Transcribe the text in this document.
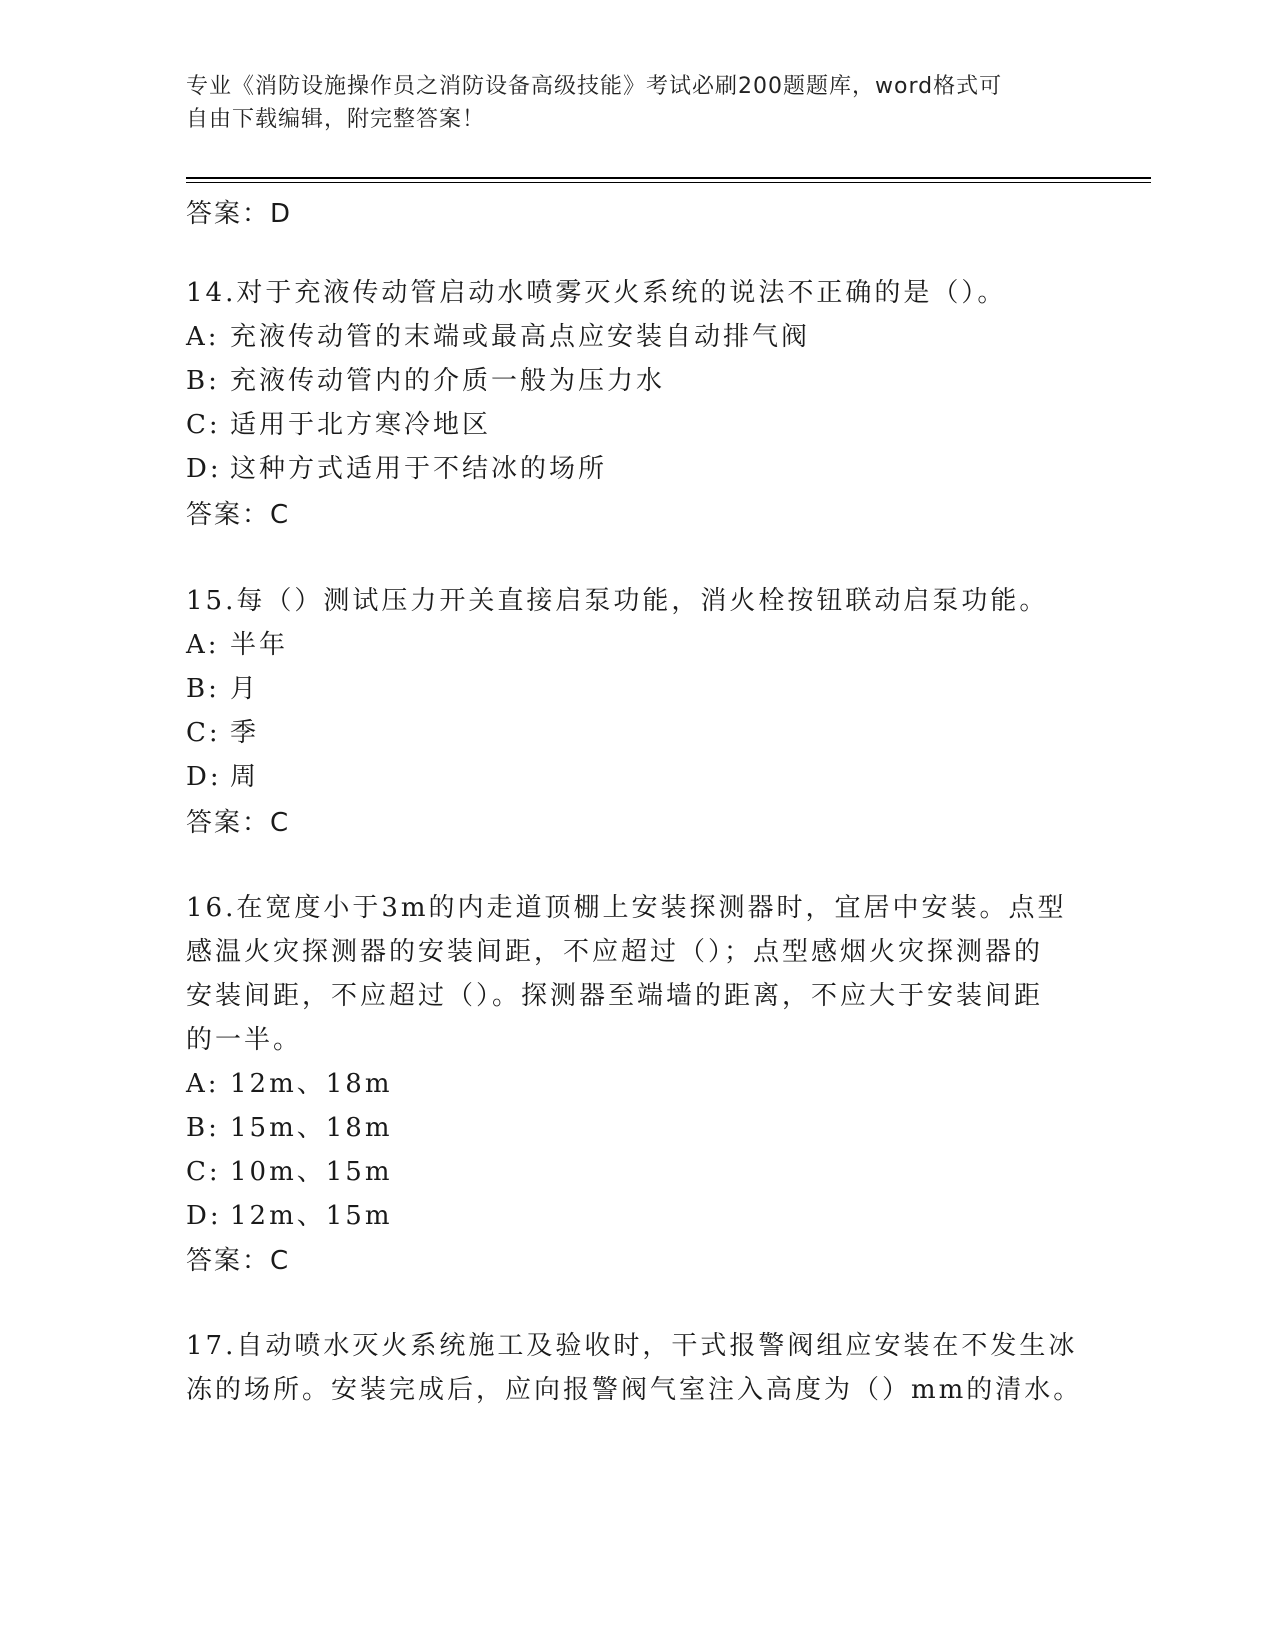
专业《消防设施操作员之消防设备高级技能》考试必刷200题题库，word格式可
自由下载编辑，附完整答案！
答案：D
14.对于充液传动管启动水喷雾灭火系统的说法不正确的是（）。
A: 充液传动管的末端或最高点应安装自动排气阀
B: 充液传动管内的介质一般为压力水
C: 适用于北方寒冷地区
D: 这种方式适用于不结冰的场所
答案：C
15.每（）测试压力开关直接启泵功能，消火栓按钮联动启泵功能。
A: 半年
B: 月
C: 季
D: 周
答案：C
16.在宽度小于3m的内走道顶棚上安装探测器时，宜居中安装。点型
感温火灾探测器的安装间距，不应超过（）；点型感烟火灾探测器的
安装间距，不应超过（）。探测器至端墙的距离，不应大于安装间距
的一半。
A: 12m、18m
B: 15m、18m
C: 10m、15m
D: 12m、15m
答案：C
17.自动喷水灭火系统施工及验收时，干式报警阀组应安装在不发生冰
冻的场所。安装完成后，应向报警阀气室注入高度为（）mm的清水。
